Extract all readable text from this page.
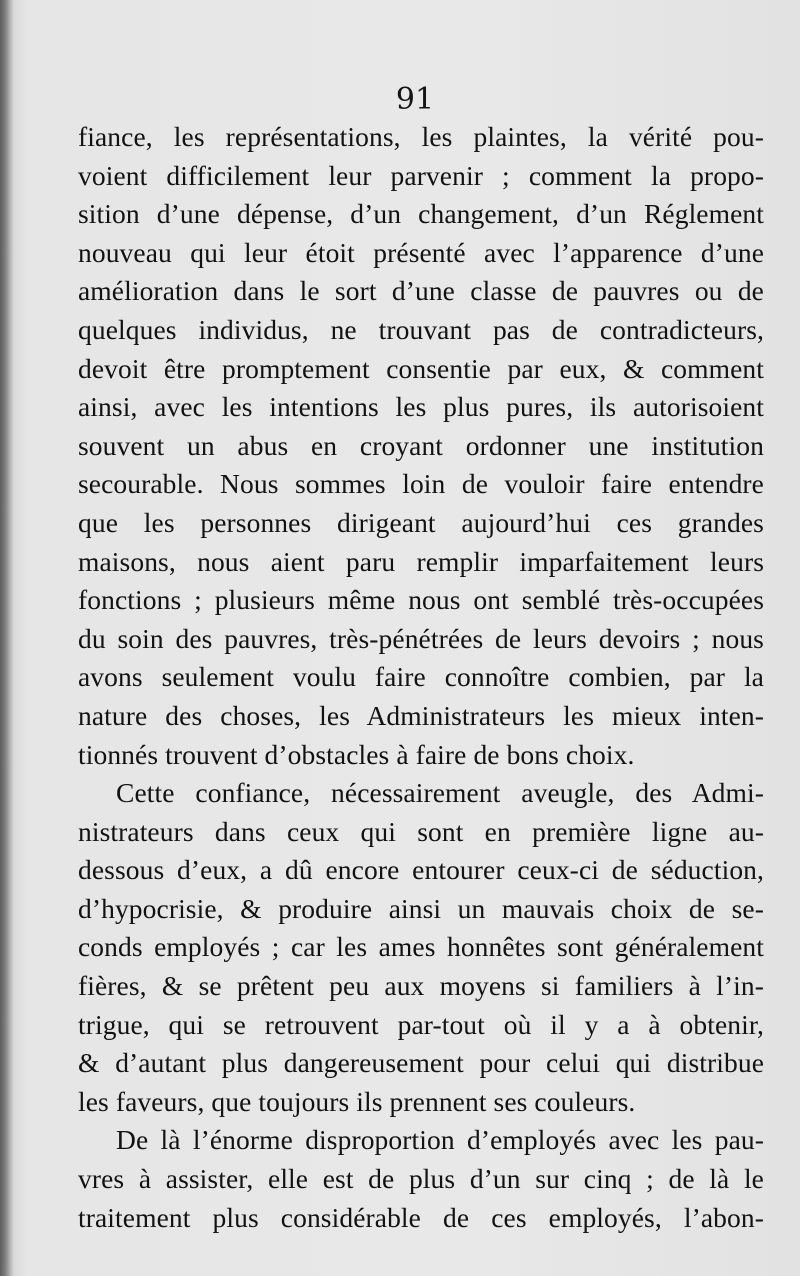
91
fiance, les représentations, les plaintes, la vérité pou-
voient difficilement leur parvenir ; comment la propo-
sition d’une dépense, d’un changement, d’un Réglement
nouveau qui leur étoit présenté avec l’apparence d’une
amélioration dans le sort d’une classe de pauvres ou de
quelques individus, ne trouvant pas de contradicteurs,
devoit être promptement consentie par eux, & comment
ainsi, avec les intentions les plus pures, ils autorisoient
souvent un abus en croyant ordonner une institution
secourable. Nous sommes loin de vouloir faire entendre
que les personnes dirigeant aujourd’hui ces grandes
maisons, nous aient paru remplir imparfaitement leurs
fonctions ; plusieurs même nous ont semblé très-occupées
du soin des pauvres, très-pénétrées de leurs devoirs ; nous
avons seulement voulu faire connoître combien, par la
nature des choses, les Administrateurs les mieux inten-
tionnés trouvent d’obstacles à faire de bons choix.
Cette confiance, nécessairement aveugle, des Admi-
nistrateurs dans ceux qui sont en première ligne au-
dessous d’eux, a dû encore entourer ceux-ci de séduction,
d’hypocrisie, & produire ainsi un mauvais choix de se-
conds employés ; car les ames honnêtes sont généralement
fières, & se prêtent peu aux moyens si familiers à l’in-
trigue, qui se retrouvent par-tout où il y a à obtenir,
& d’autant plus dangereusement pour celui qui distribue
les faveurs, que toujours ils prennent ses couleurs.
De là l’énorme disproportion d’employés avec les pau-
vres à assister, elle est de plus d’un sur cinq ; de là le
traitement plus considérable de ces employés, l’abon-
